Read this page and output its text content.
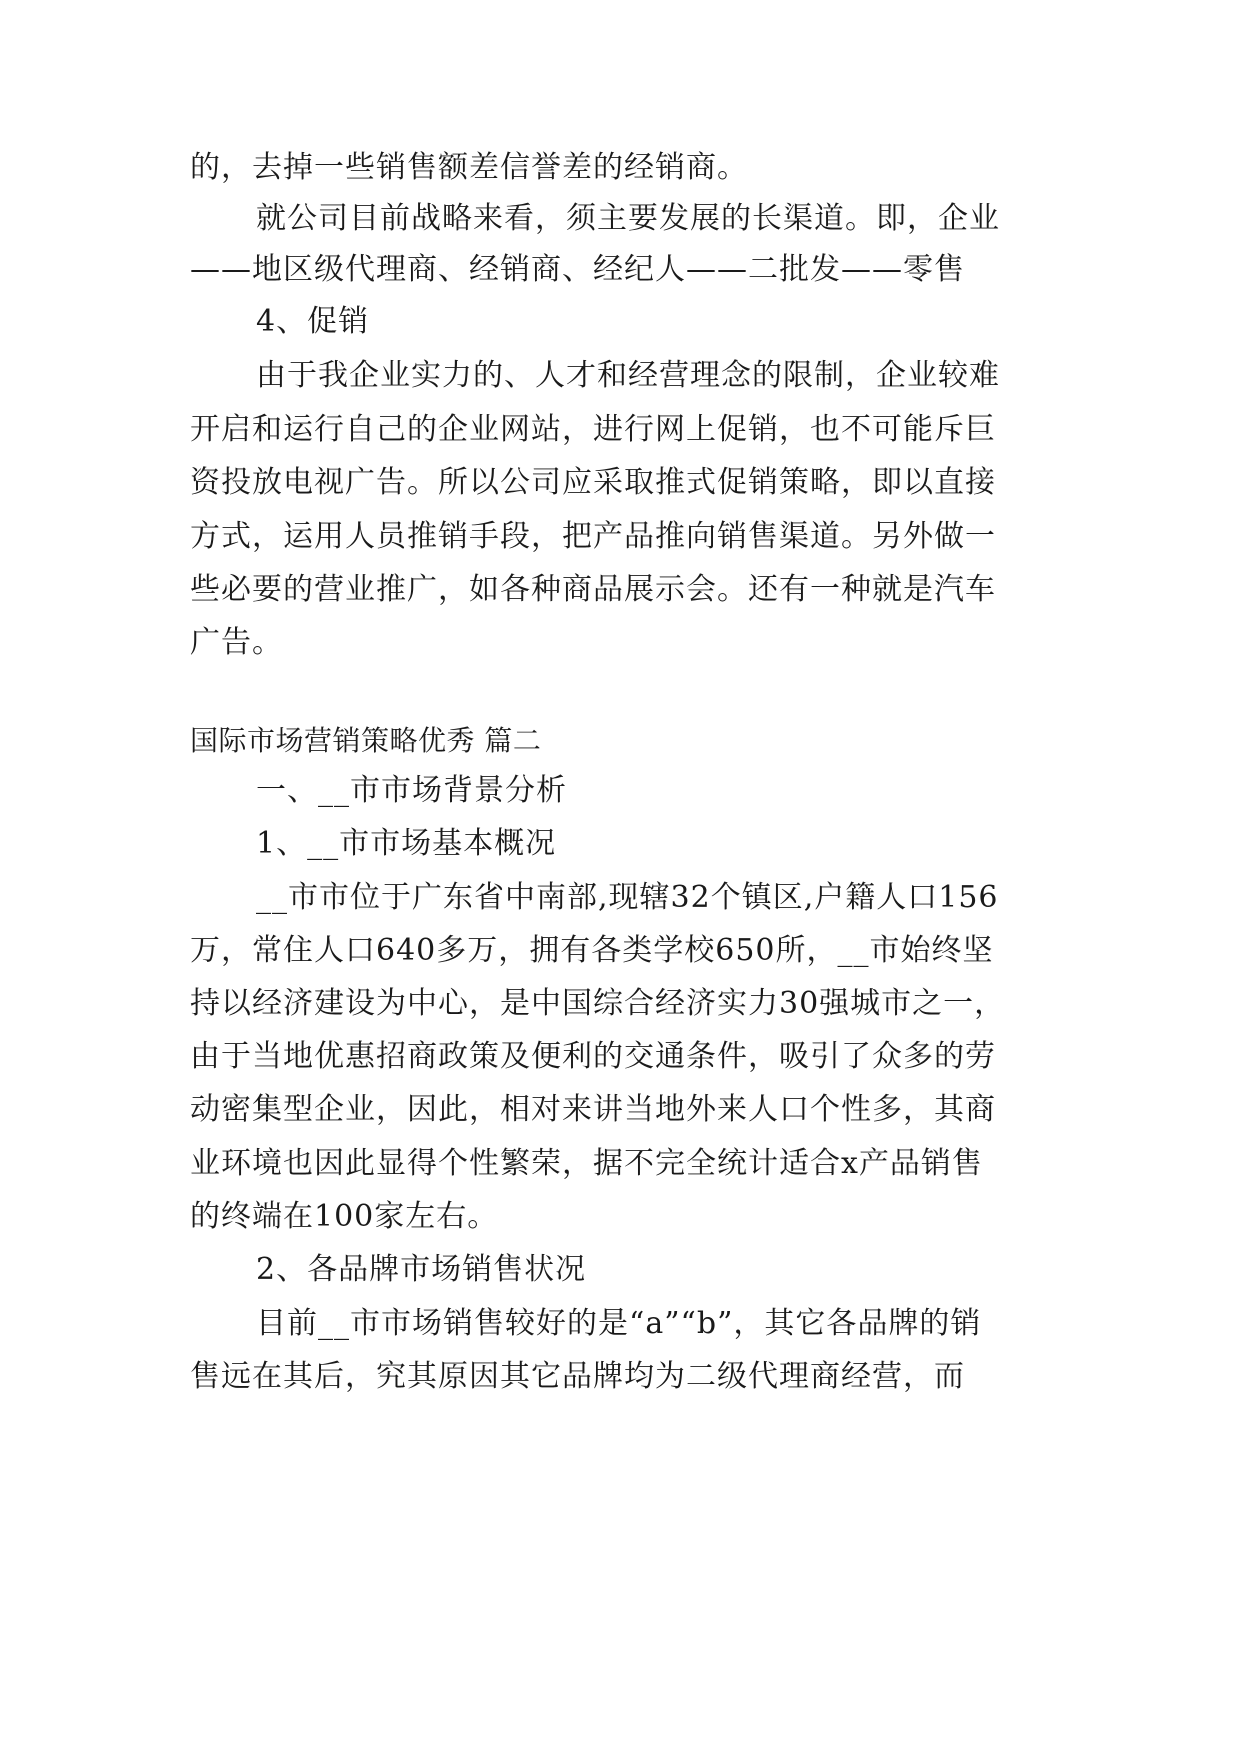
的，去掉一些销售额差信誉差的经销商。
就公司目前战略来看，须主要发展的长渠道。即，企业
——地区级代理商、经销商、经纪人——二批发——零售
4、促销
由于我企业实力的、人才和经营理念的限制，企业较难
开启和运行自己的企业网站，进行网上促销，也不可能斥巨
资投放电视广告。所以公司应采取推式促销策略，即以直接
方式，运用人员推销手段，把产品推向销售渠道。另外做一
些必要的营业推广，如各种商品展示会。还有一种就是汽车
广告。
国际市场营销策略优秀 篇二
一、__市市场背景分析
1、__市市场基本概况
__市市位于广东省中南部,现辖32个镇区,户籍人口156
万，常住人口640多万，拥有各类学校650所，__市始终坚
持以经济建设为中心，是中国综合经济实力30强城市之一，
由于当地优惠招商政策及便利的交通条件，吸引了众多的劳
动密集型企业，因此，相对来讲当地外来人口个性多，其商
业环境也因此显得个性繁荣，据不完全统计适合x产品销售
的终端在100家左右。
2、各品牌市场销售状况
目前__市市场销售较好的是“a”“b”，其它各品牌的销
售远在其后，究其原因其它品牌均为二级代理商经营，而
